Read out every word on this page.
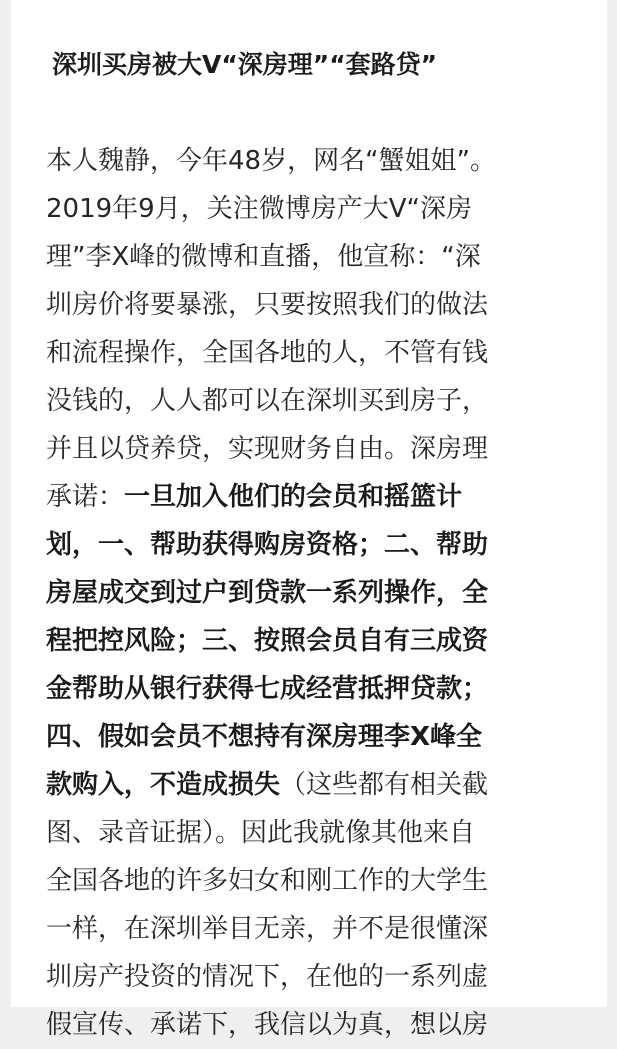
深圳买房被大V“深房理”“套路贷”
本人魏静，今年48岁，网名“蟹姐姐”。
2019年9月，关注微博房产大V“深房
理”李X峰的微博和直播，他宣称：“深
圳房价将要暴涨，只要按照我们的做法
和流程操作，全国各地的人，不管有钱
没钱的，人人都可以在深圳买到房子，
并且以贷养贷，实现财务自由。深房理
承诺：一旦加入他们的会员和摇篮计
划，一、帮助获得购房资格；二、帮助
房屋成交到过户到贷款一系列操作，全
程把控风险；三、按照会员自有三成资
金帮助从银行获得七成经营抵押贷款；
四、假如会员不想持有深房理李X峰全
款购入，不造成损失（这些都有相关截
图、录音证据）。因此我就像其他来自
全国各地的许多妇女和刚工作的大学生
一样，在深圳举目无亲，并不是很懂深
圳房产投资的情况下，在他的一系列虚
假宣传、承诺下，我信以为真，想以房
